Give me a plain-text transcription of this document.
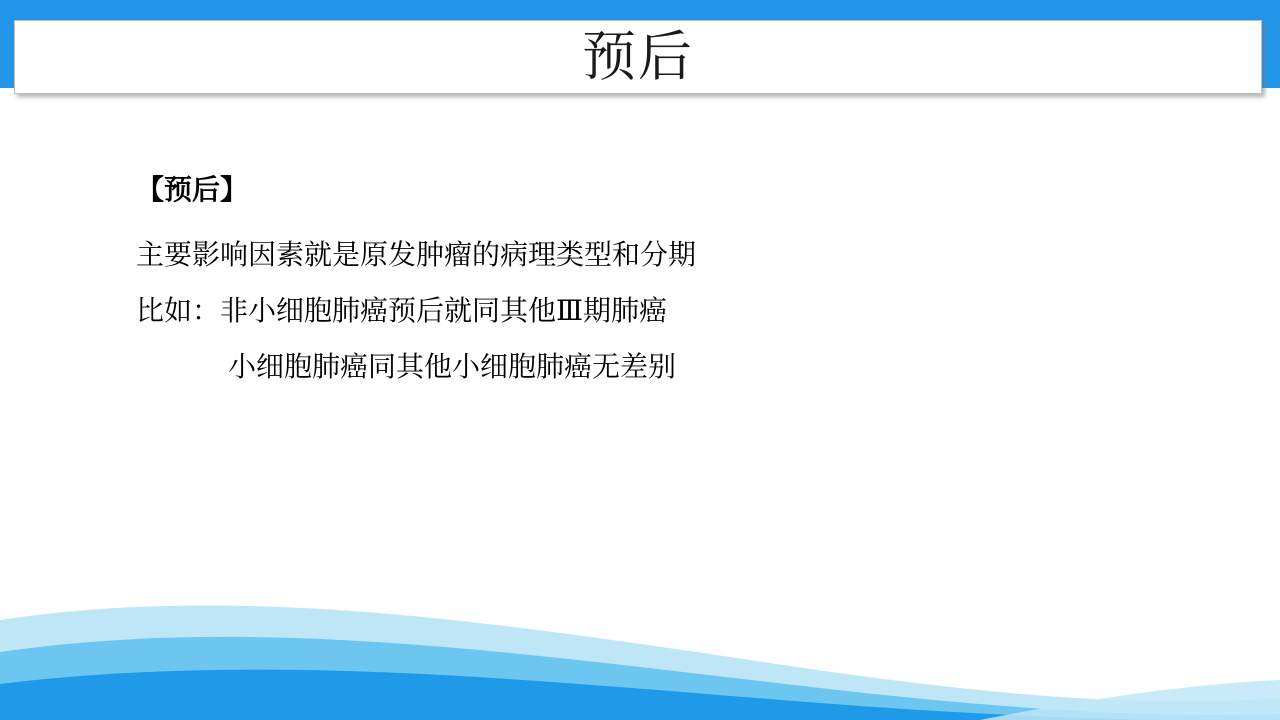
预后
【预后】
主要影响因素就是原发肿瘤的病理类型和分期
比如：非小细胞肺癌预后就同其他Ⅲ期肺癌
小细胞肺癌同其他小细胞肺癌无差别
